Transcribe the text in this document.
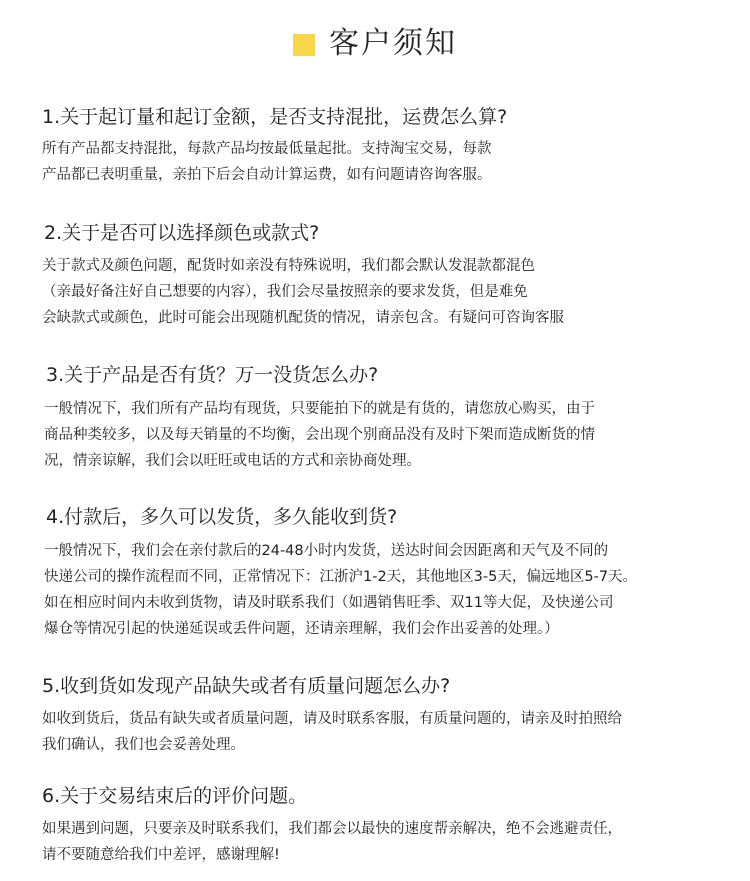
客户须知
1.关于起订量和起订金额，是否支持混批，运费怎么算?
所有产品都支持混批，每款产品均按最低量起批。支持淘宝交易，每款
产品都已表明重量，亲拍下后会自动计算运费，如有问题请咨询客服。
2.关于是否可以选择颜色或款式?
关于款式及颜色问题，配货时如亲没有特殊说明，我们都会默认发混款都混色
（亲最好备注好自己想要的内容），我们会尽量按照亲的要求发货，但是难免
会缺款式或颜色，此时可能会出现随机配货的情况，请亲包含。有疑问可咨询客服
3.关于产品是否有货？万一没货怎么办?
一般情况下，我们所有产品均有现货，只要能拍下的就是有货的，请您放心购买，由于
商品种类较多，以及每天销量的不均衡，会出现个别商品没有及时下架而造成断货的情
况，情亲谅解，我们会以旺旺或电话的方式和亲协商处理。
4.付款后，多久可以发货，多久能收到货?
一般情况下，我们会在亲付款后的24-48小时内发货，送达时间会因距离和天气及不同的
快递公司的操作流程而不同，正常情况下：江浙沪1-2天，其他地区3-5天，偏远地区5-7天。
如在相应时间内未收到货物，请及时联系我们（如遇销售旺季、双11等大促，及快递公司
爆仓等情况引起的快递延误或丢件问题，还请亲理解，我们会作出妥善的处理。）
5.收到货如发现产品缺失或者有质量问题怎么办?
如收到货后，货品有缺失或者质量问题，请及时联系客服，有质量问题的，请亲及时拍照给
我们确认，我们也会妥善处理。
6.关于交易结束后的评价问题。
如果遇到问题，只要亲及时联系我们，我们都会以最快的速度帮亲解决，绝不会逃避责任，
请不要随意给我们中差评，感谢理解!
